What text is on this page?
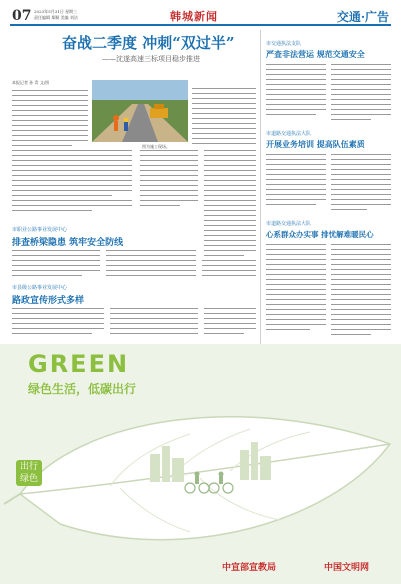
07 2023年5月31日 星期三
责任编辑 郑顺 美编 刘洁	韩城新闻	交通·广告
奋战二季度 冲刺“双过半”
——沈遂高速三标项目稳步推进
本报记者 孙 青 文/图
图为施工现场。
市职业公路事业发展中心
排查桥梁隐患 筑牢安全防线
市县级公路事业发展中心
路政宣传形式多样
市交通执法支队
严查非法营运 规范交通安全
市道路交通执法大队
开展业务培训 提高队伍素质
市道路交通执法大队
心系群众办实事 排忧解难暖民心
GREEN
绿色生活，低碳出行
出行绿色
中宣部宣教局	中国文明网
